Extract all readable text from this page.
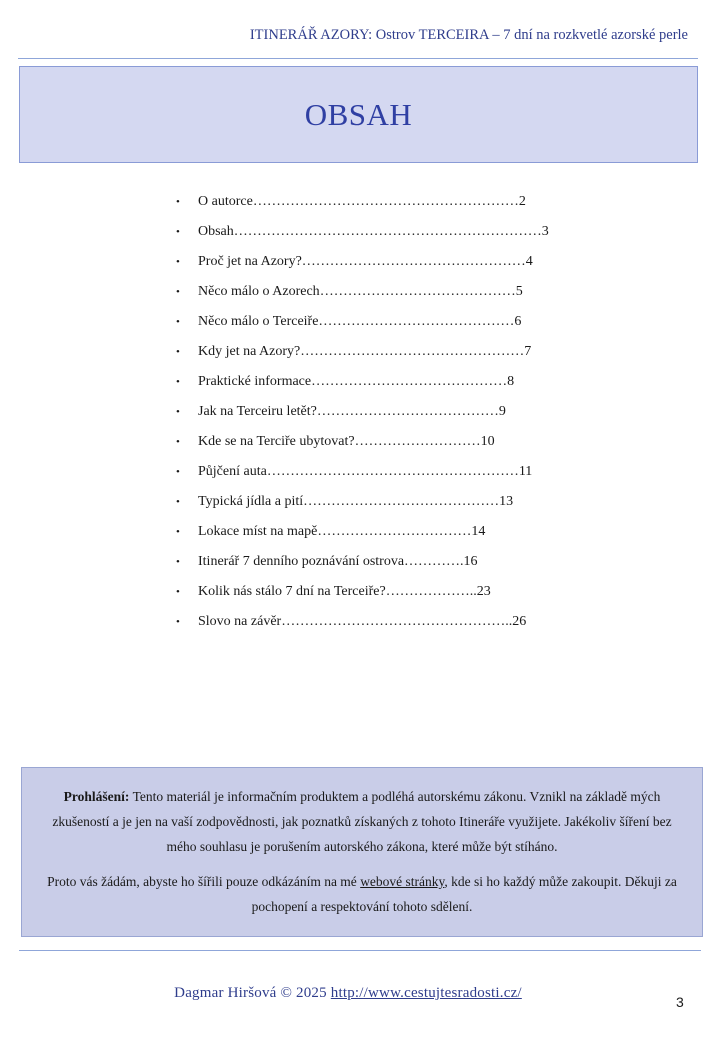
ITINERÁŘ AZORY: Ostrov TERCEIRA – 7 dní na rozkvetlé azorské perle
OBSAH
•	O autorce ………………………………………………… 2
•	Obsah ………………………………………………………… 3
•	Proč jet na Azory? ………………………………………… 4
•	Něco málo o Azorech …………………………………… 5
•	Něco málo o Terceiře …………………………………… 6
•	Kdy jet na Azory? ………………………………………… 7
•	Praktické informace …………………………………… 8
•	Jak na Terceiru letět? ………………………………… 9
•	Kde se na Terciře ubytovat? ……………………… 10
•	Půjčení auta ……………………………………………… 11
•	Typická jídla a pití …………………………………… 13
•	Lokace míst na mapě …………………………… 14
•	Itinerář 7 denního poznávání ostrova …………. 16
•	Kolik nás stálo 7 dní na Terceiře? ……………….. 23
•	Slovo na závěr ………………………………………….. 26

Prohlášení: Tento materiál je informačním produktem a podléhá autorskému zákonu. Vznikl na základě mých zkušeností a je jen na vaší zodpovědnosti, jak poznatků získaných z tohoto Itineráře využijete. Jakékoliv šíření bez mého souhlasu je porušením autorského zákona, které může být stíháno.

Proto vás žádám, abyste ho šířili pouze odkázáním na mé webové stránky, kde si ho každý může zakoupit. Děkuji za pochopení a respektování tohoto sdělení.

Dagmar Hiršová © 2025 http://www.cestujtesradosti.cz/
3
